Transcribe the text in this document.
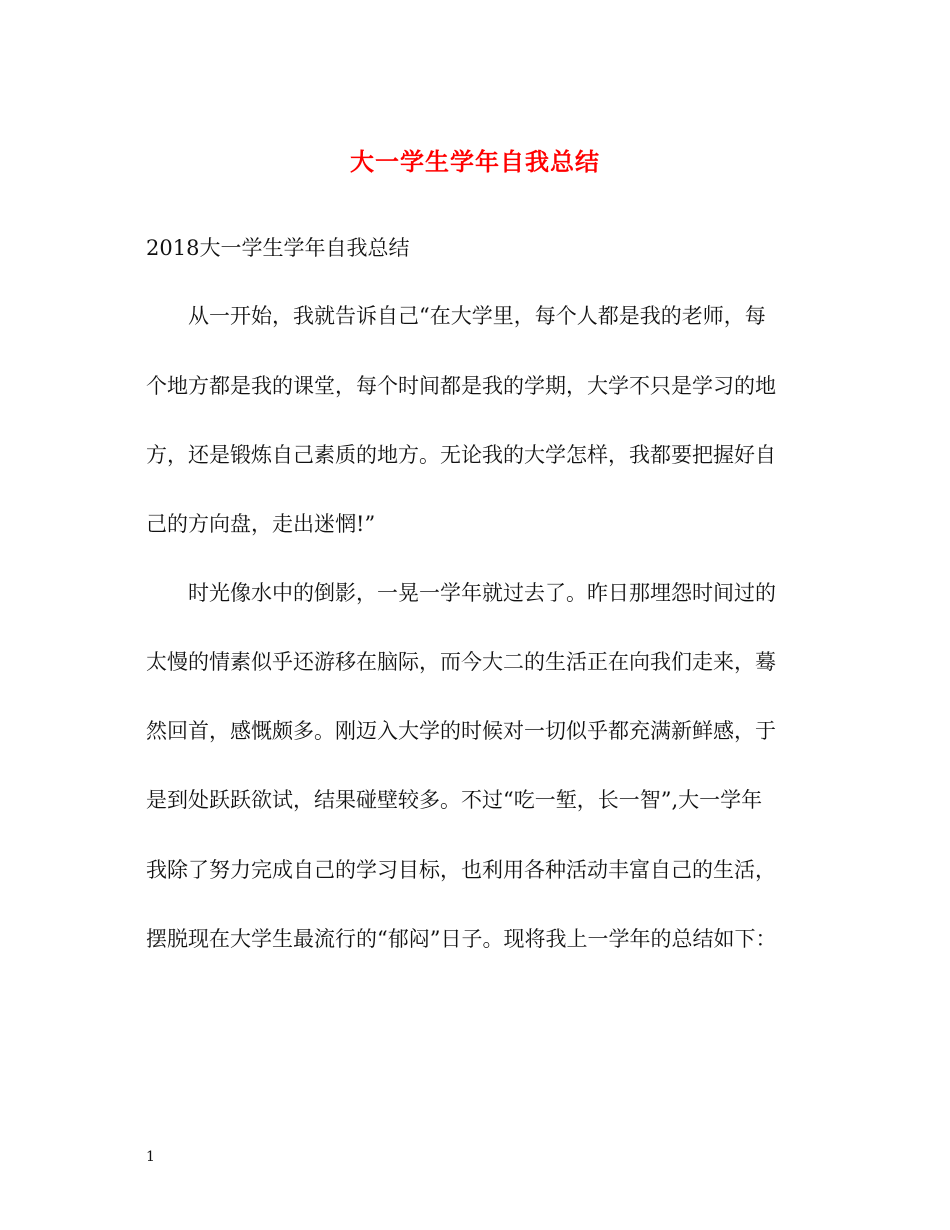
大一学生学年自我总结
2018大一学生学年自我总结
从一开始，我就告诉自己“在大学里，每个人都是我的老师，每
个地方都是我的课堂，每个时间都是我的学期，大学不只是学习的地
方，还是锻炼自己素质的地方。无论我的大学怎样，我都要把握好自
己的方向盘，走出迷惘!”
时光像水中的倒影，一晃一学年就过去了。昨日那埋怨时间过的
太慢的情素似乎还游移在脑际，而今大二的生活正在向我们走来，蓦
然回首，感慨颇多。刚迈入大学的时候对一切似乎都充满新鲜感，于
是到处跃跃欲试，结果碰壁较多。不过“吃一堑，长一智”,大一学年
我除了努力完成自己的学习目标，也利用各种活动丰富自己的生活，
摆脱现在大学生最流行的“郁闷”日子。现将我上一学年的总结如下：
1
